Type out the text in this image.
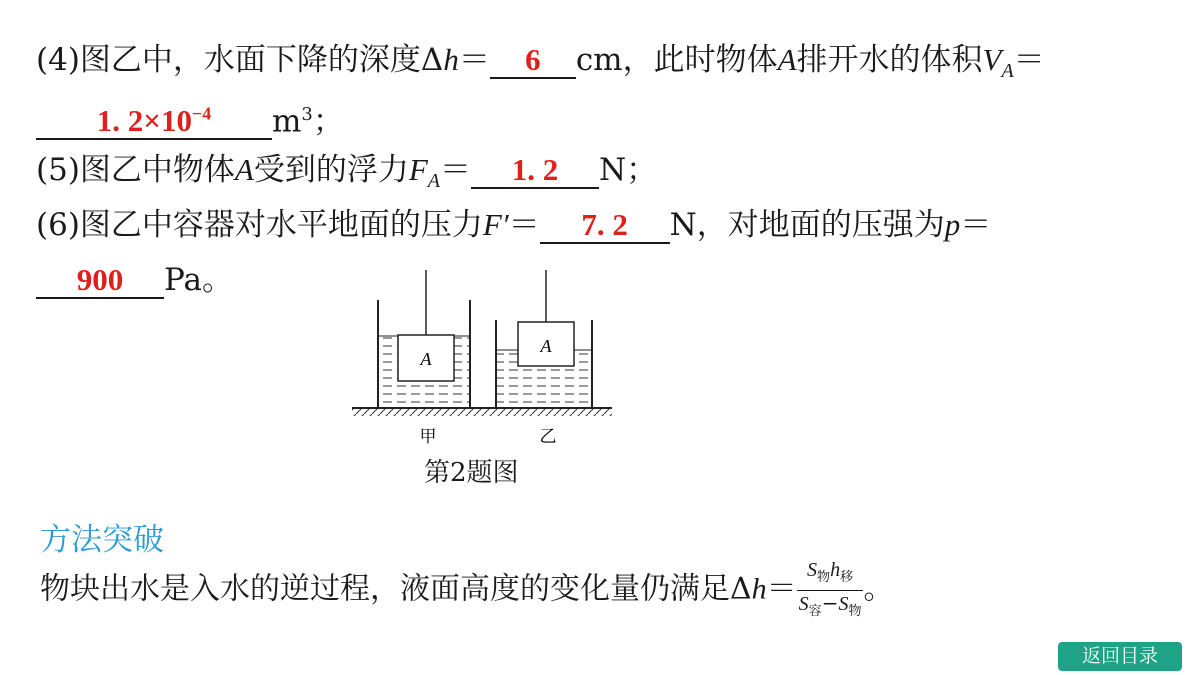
(4)图乙中，水面下降的深度Δh＝ 6 cm，此时物体A排开水的体积$V_A=$
1. $2\times 10^{-4}$ $m^3$；
(5)图乙中物体A受到的浮力$F_A= 1$. 2 N；
(6)图乙中容器对水平地面的压力F′＝ 7. 2 N，对地面的压强为p＝
900 Pa。
A
A
甲	乙
第2题图
方法突破
物块出水是入水的逆过程，液面高度的变化量仍满足$\Delta h= \frac{S_物h_移}{S_容-S_物}$ 。
返回目录
